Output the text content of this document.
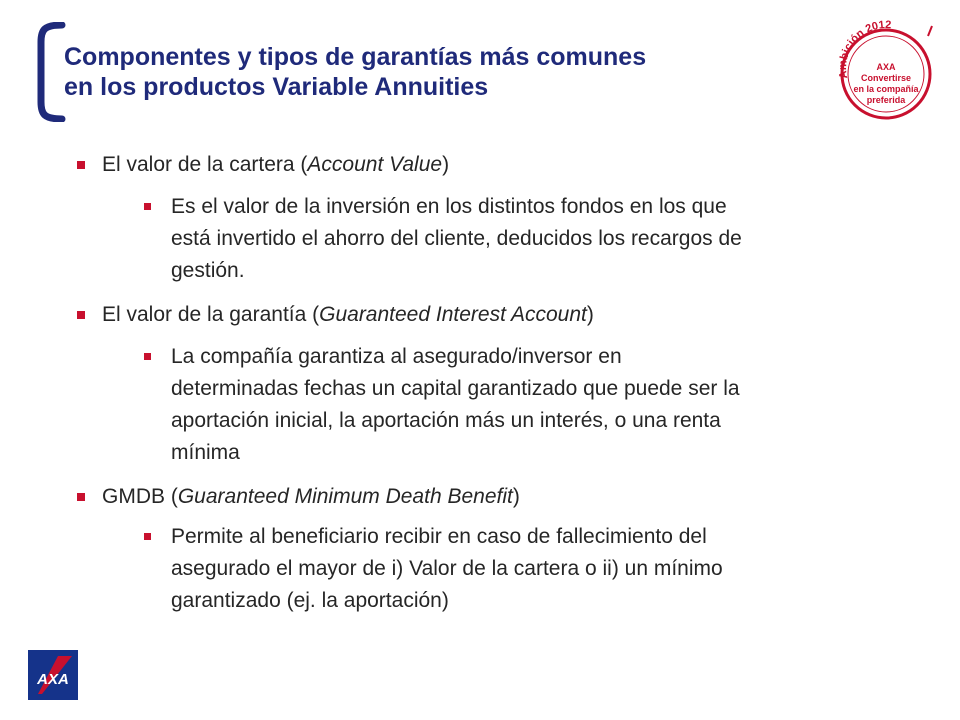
Componentes y tipos de garantías más comunes
en los productos Variable Annuities	Ambición 2012
AXA
Convertirse
en la compañía
preferida
El valor de la cartera (Account Value)
Es el valor de la inversión en los distintos fondos en los que
está invertido el ahorro del cliente, deducidos los recargos de
gestión.
El valor de la garantía (Guaranteed Interest Account)
La compañía garantiza al asegurado/inversor en
determinadas fechas un capital garantizado que puede ser la
aportación inicial, la aportación más un interés, o una renta
mínima
GMDB (Guaranteed Minimum Death Benefit)
Permite al beneficiario recibir en caso de fallecimiento del
asegurado el mayor de i) Valor de la cartera o ii) un mínimo
garantizado (ej. la aportación)
AXA
